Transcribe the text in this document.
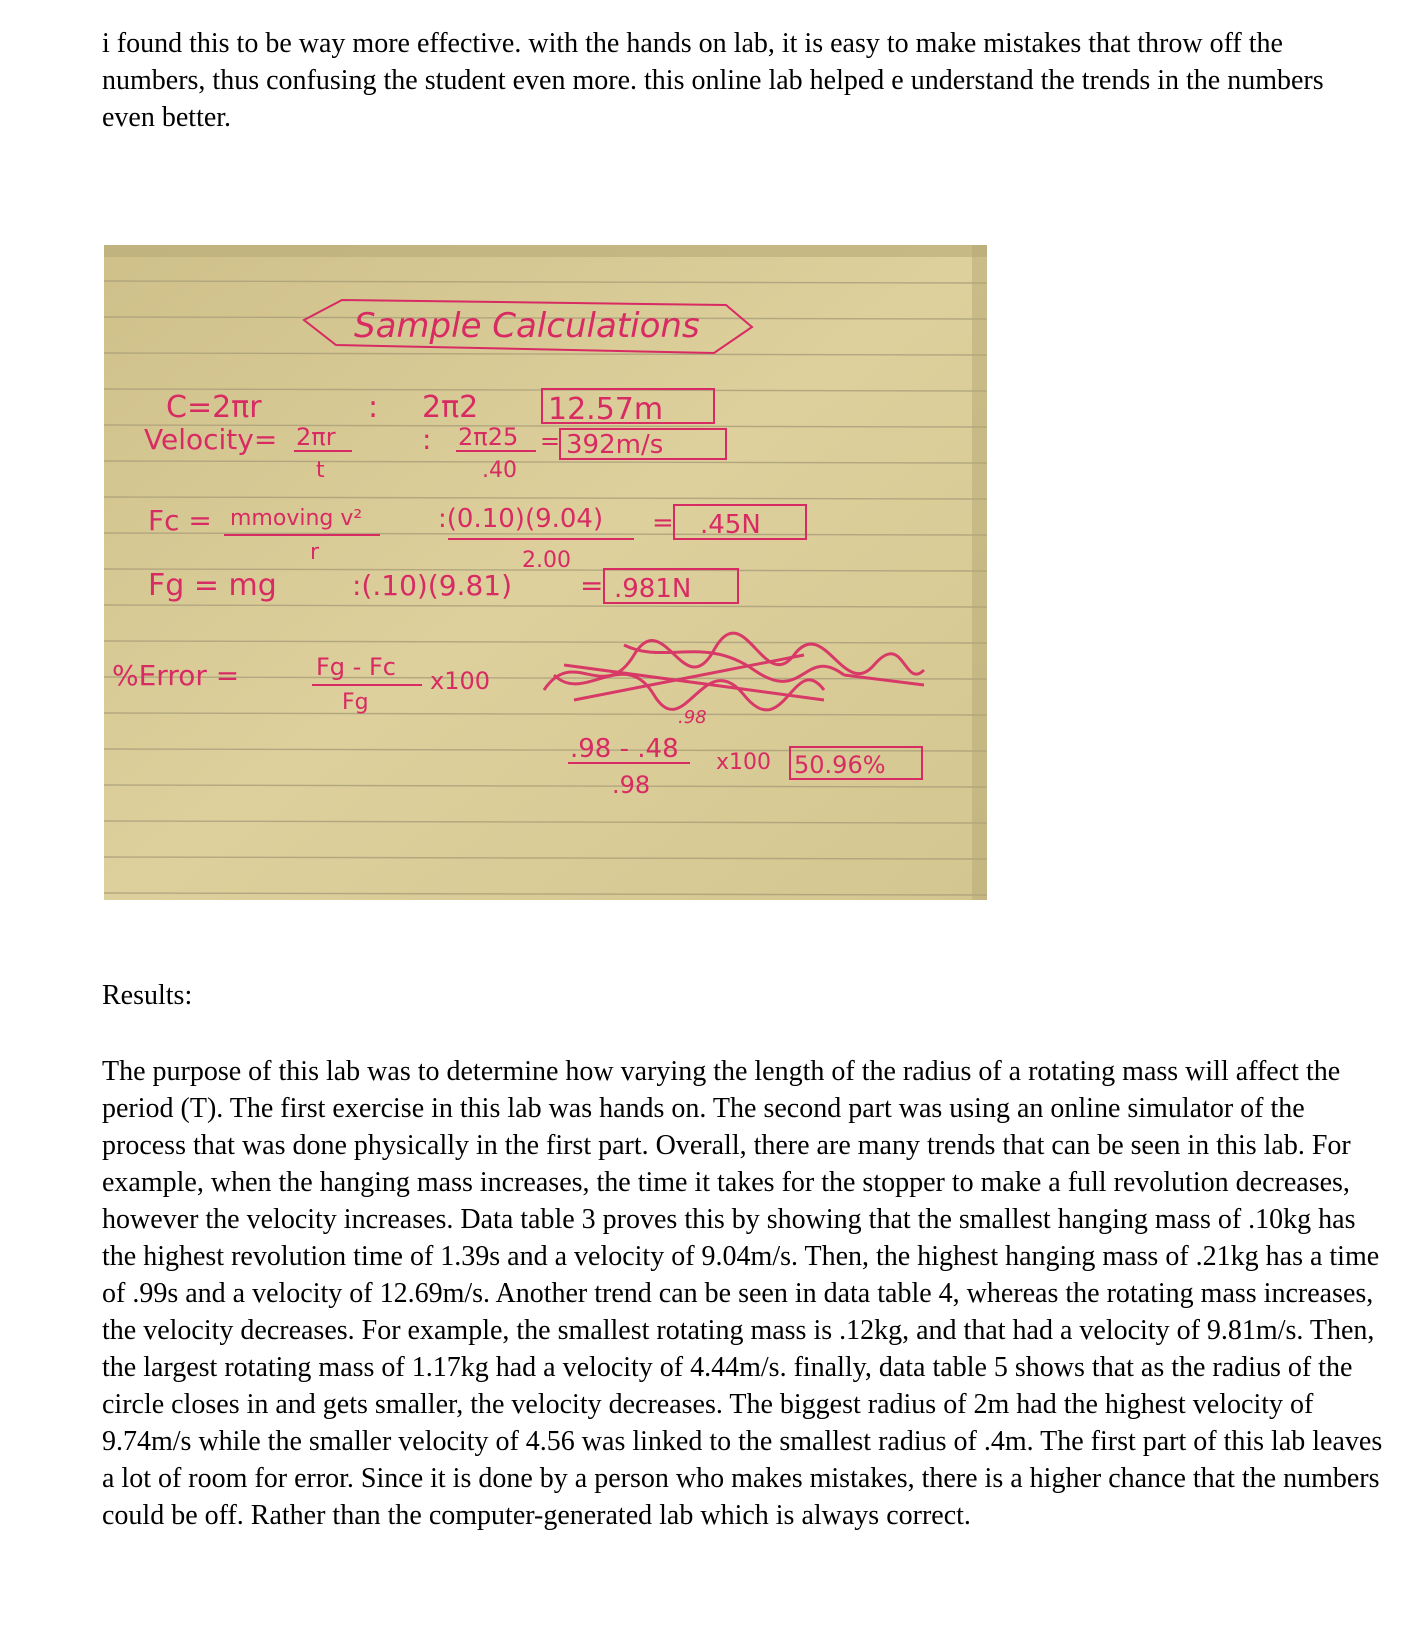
i found this to be way more effective. with the hands on lab, it is easy to make mistakes that throw off the numbers, thus confusing the student even more. this online lab helped e understand the trends in the numbers even better.

Sample Calculations
C=2πr	: 2π2 12.57m
Velocity= 2πr
t
: 2π25
.40
= 392m/s
Fc = mmoving v²
r
:(0.10)(9.04)
2.00
= .45N
Fg = mg	:(.10)(9.81) = .981N
%Error =	Fg - Fc
Fg
x100
.98
.98 - .48
.98
x100 50.96%

Results:

The purpose of this lab was to determine how varying the length of the radius of a rotating mass will affect the period (T). The first exercise in this lab was hands on. The second part was using an online simulator of the process that was done physically in the first part. Overall, there are many trends that can be seen in this lab. For example, when the hanging mass increases, the time it takes for the stopper to make a full revolution decreases, however the velocity increases. Data table 3 proves this by showing that the smallest hanging mass of .10kg has the highest revolution time of 1.39s and a velocity of 9.04m/s. Then, the highest hanging mass of .21kg has a time of .99s and a velocity of 12.69m/s. Another trend can be seen in data table 4, whereas the rotating mass increases, the velocity decreases. For example, the smallest rotating mass is .12kg, and that had a velocity of 9.81m/s. Then, the largest rotating mass of 1.17kg had a velocity of 4.44m/s. finally, data table 5 shows that as the radius of the circle closes in and gets smaller, the velocity decreases. The biggest radius of 2m had the highest velocity of 9.74m/s while the smaller velocity of 4.56 was linked to the smallest radius of .4m. The first part of this lab leaves a lot of room for error. Since it is done by a person who makes mistakes, there is a higher chance that the numbers could be off. Rather than the computer-generated lab which is always correct.
